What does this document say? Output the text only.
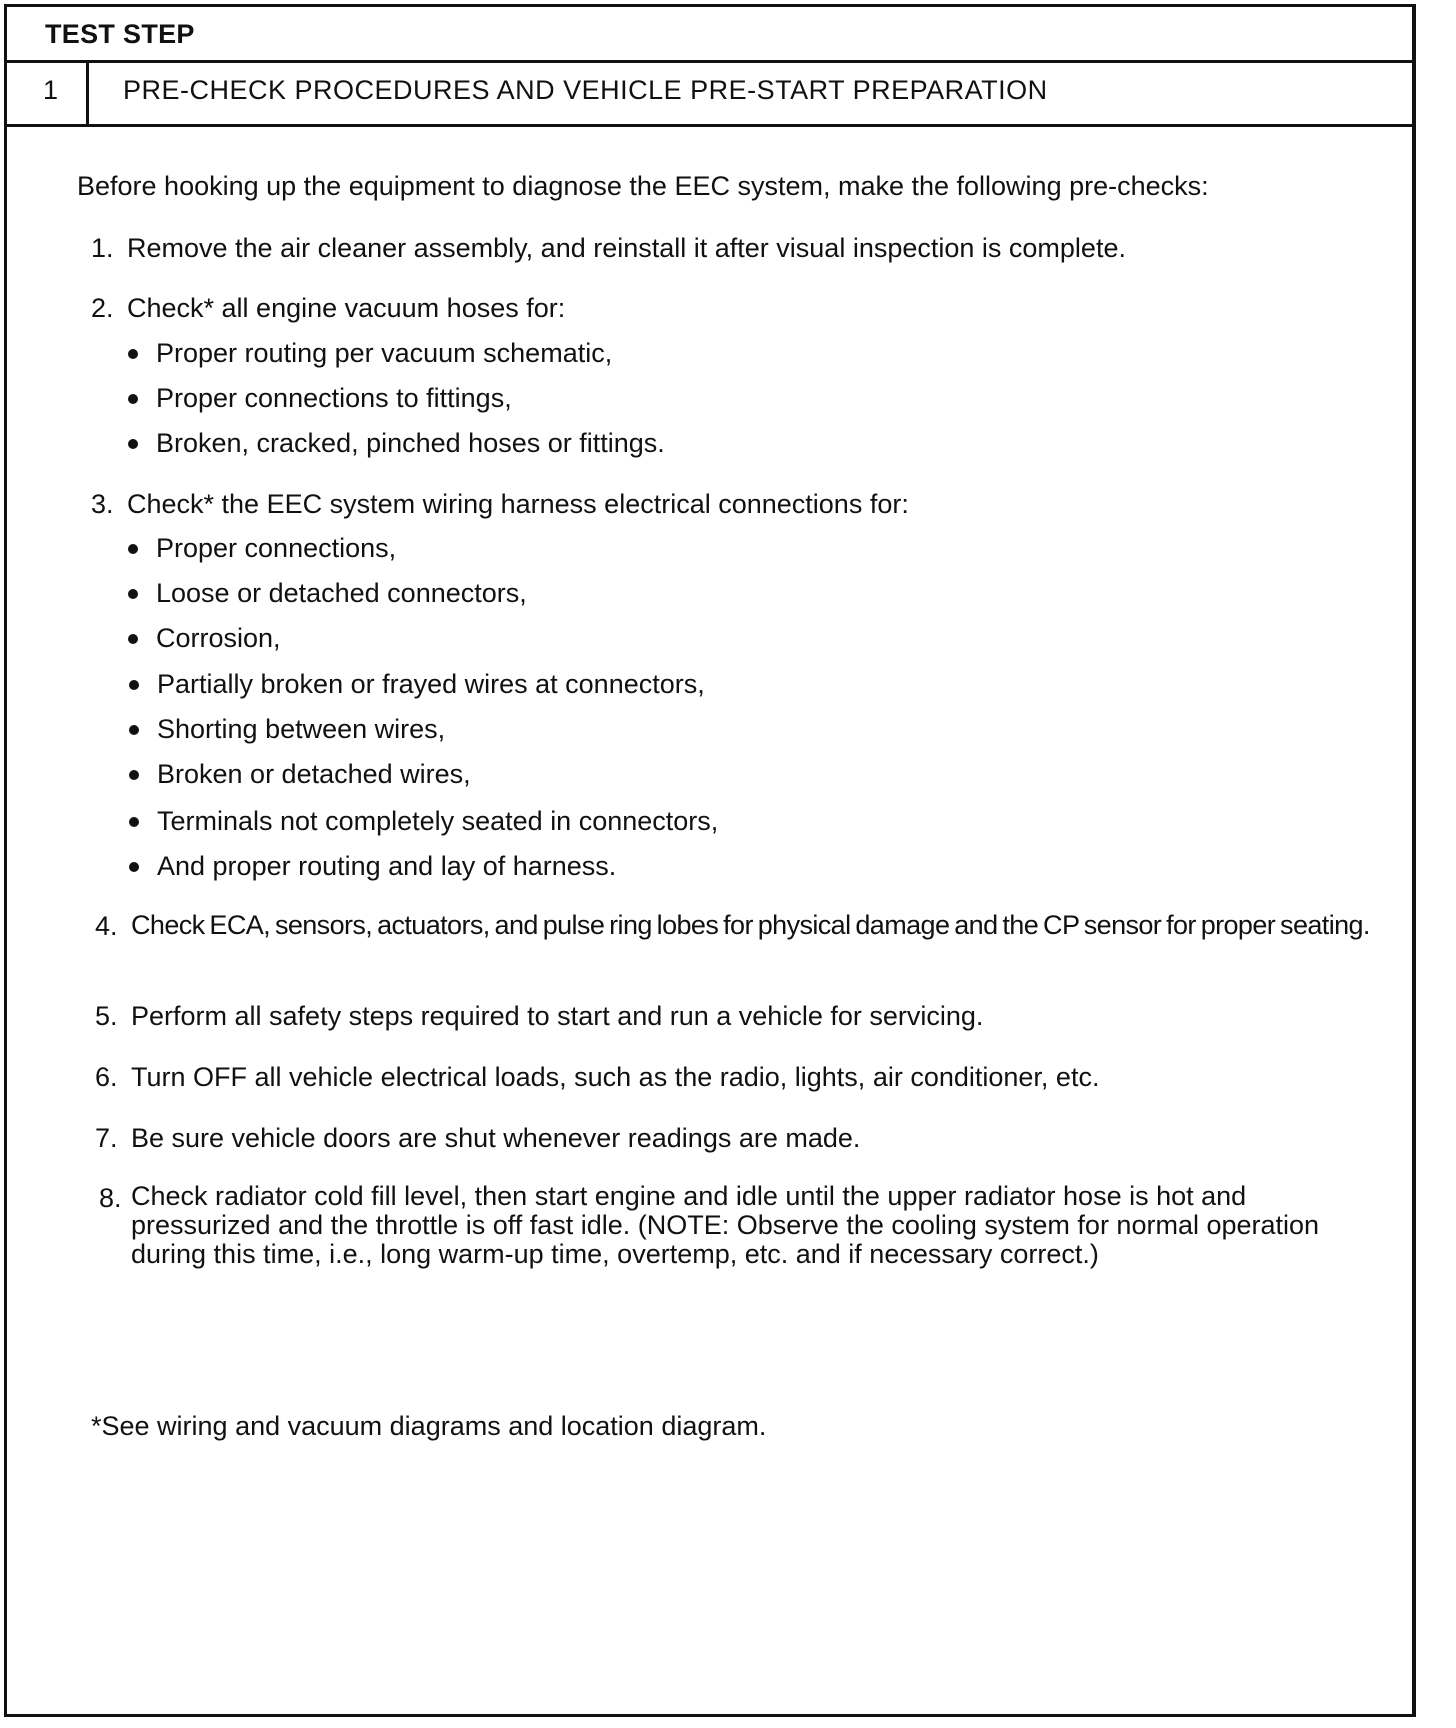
TEST STEP
1 PRE-CHECK PROCEDURES AND VEHICLE PRE-START PREPARATION
Before hooking up the equipment to diagnose the EEC system, make the following pre-checks:
1. Remove the air cleaner assembly, and reinstall it after visual inspection is complete.
2. Check* all engine vacuum hoses for:
Proper routing per vacuum schematic,
Proper connections to fittings,
Broken, cracked, pinched hoses or fittings.
3. Check* the EEC system wiring harness electrical connections for:
Proper connections,
Loose or detached connectors,
Corrosion,
Partially broken or frayed wires at connectors,
Shorting between wires,
Broken or detached wires,
Terminals not completely seated in connectors,
And proper routing and lay of harness.
4. Check ECA, sensors, actuators, and pulse ring lobes for physical damage and the CP sensor for proper seating.
5. Perform all safety steps required to start and run a vehicle for servicing.
6. Turn OFF all vehicle electrical loads, such as the radio, lights, air conditioner, etc.
7. Be sure vehicle doors are shut whenever readings are made.
8. Check radiator cold fill level, then start engine and idle until the upper radiator hose is hot and pressurized and the throttle is off fast idle. (NOTE: Observe the cooling system for normal operation during this time, i.e., long warm-up time, overtemp, etc. and if necessary correct.)
*See wiring and vacuum diagrams and location diagram.
